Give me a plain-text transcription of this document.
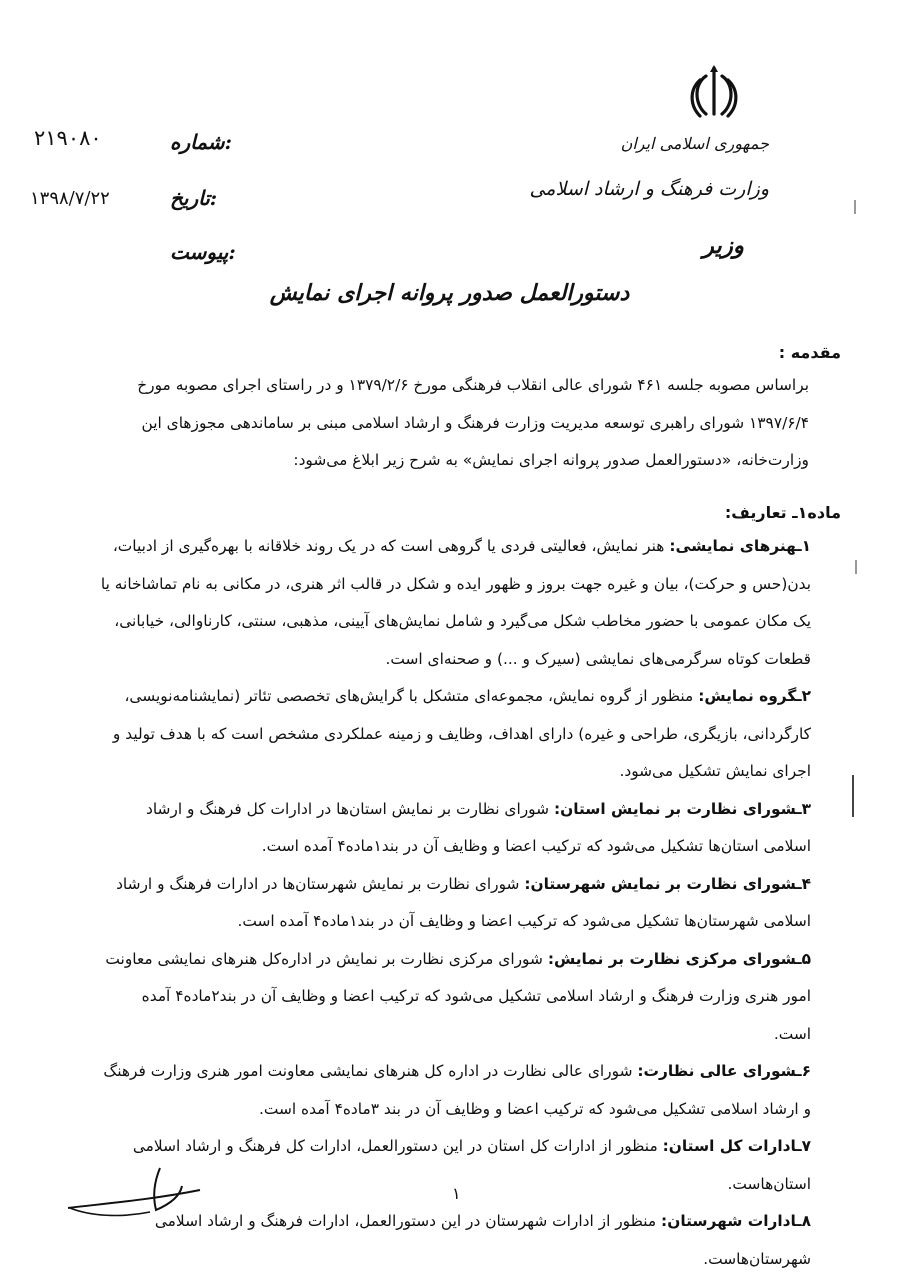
جمهوری اسلامی ایران
وزارت فرهنگ و ارشاد اسلامی
وزیر
شماره:
۲۱۹۰۸۰
تاریخ:
۱۳۹۸/۷/۲۲
پیوست:
دستورالعمل صدور پروانه اجرای نمایش
مقدمه :
براساس مصوبه جلسه ۴۶۱ شورای عالی انقلاب فرهنگی مورخ ۱۳۷۹/۲/۶ و در راستای اجرای مصوبه مورخ ۱۳۹۷/۶/۴ شورای راهبری توسعه مدیریت وزارت فرهنگ و ارشاد اسلامی مبنی بر ساماندهی مجوزهای این وزارت‌خانه، «دستورالعمل صدور پروانه اجرای نمایش» به شرح زیر ابلاغ می‌شود:
ماده۱ـ تعاریف:
۱ـهنرهای نمایشی: هنر نمایش، فعالیتی فردی یا گروهی است که در یک روند خلاقانه با بهره‌گیری از ادبیات، بدن(حس و حرکت)، بیان و غیره جهت بروز و ظهور ایده و شکل در قالب اثر هنری، در مکانی به نام تماشاخانه یا یک مکان عمومی با حضور مخاطب شکل می‌گیرد و شامل نمایش‌های آیینی، مذهبی، سنتی، کارناوالی، خیابانی، قطعات کوتاه سرگرمی‌های نمایشی (سیرک و ...) و صحنه‌ای است.
۲ـگروه نمایش: منظور از گروه نمایش، مجموعه‌ای متشکل با گرایش‌های تخصصی تئاتر (نمایشنامه‌نویسی، کارگردانی، بازیگری، طراحی و غیره) دارای اهداف، وظایف و زمینه عملکردی مشخص است که با هدف تولید و اجرای نمایش تشکیل می‌شود.
۳ـشورای نظارت بر نمایش استان: شورای نظارت بر نمایش استان‌ها در ادارات کل فرهنگ و ارشاد اسلامی استان‌ها تشکیل می‌شود که ترکیب اعضا و وظایف آن در بند۱ماده۴ آمده است.
۴ـشورای نظارت بر نمایش شهرستان: شورای نظارت بر نمایش شهرستان‌ها در ادارات فرهنگ و ارشاد اسلامی شهرستان‌ها تشکیل می‌شود که ترکیب اعضا و وظایف آن در بند۱ماده۴ آمده است.
۵ـشورای مرکزی نظارت بر نمایش: شورای مرکزی نظارت بر نمایش در اداره‌کل هنرهای نمایشی معاونت امور هنری وزارت فرهنگ و ارشاد اسلامی تشکیل می‌شود که ترکیب اعضا و وظایف آن در بند۲ماده۴ آمده است.
۶ـشورای عالی نظارت: شورای عالی نظارت در اداره کل هنرهای نمایشی معاونت امور هنری وزارت فرهنگ و ارشاد اسلامی تشکیل می‌شود که ترکیب اعضا و وظایف آن در بند ۳ماده۴ آمده است.
۷ـادارات کل استان: منظور از ادارات کل استان در این دستورالعمل، ادارات کل فرهنگ و ارشاد اسلامی استان‌هاست.
۸ـادارات شهرستان: منظور از ادارات شهرستان در این دستورالعمل، ادارات فرهنگ و ارشاد اسلامی شهرستان‌هاست.
۱
